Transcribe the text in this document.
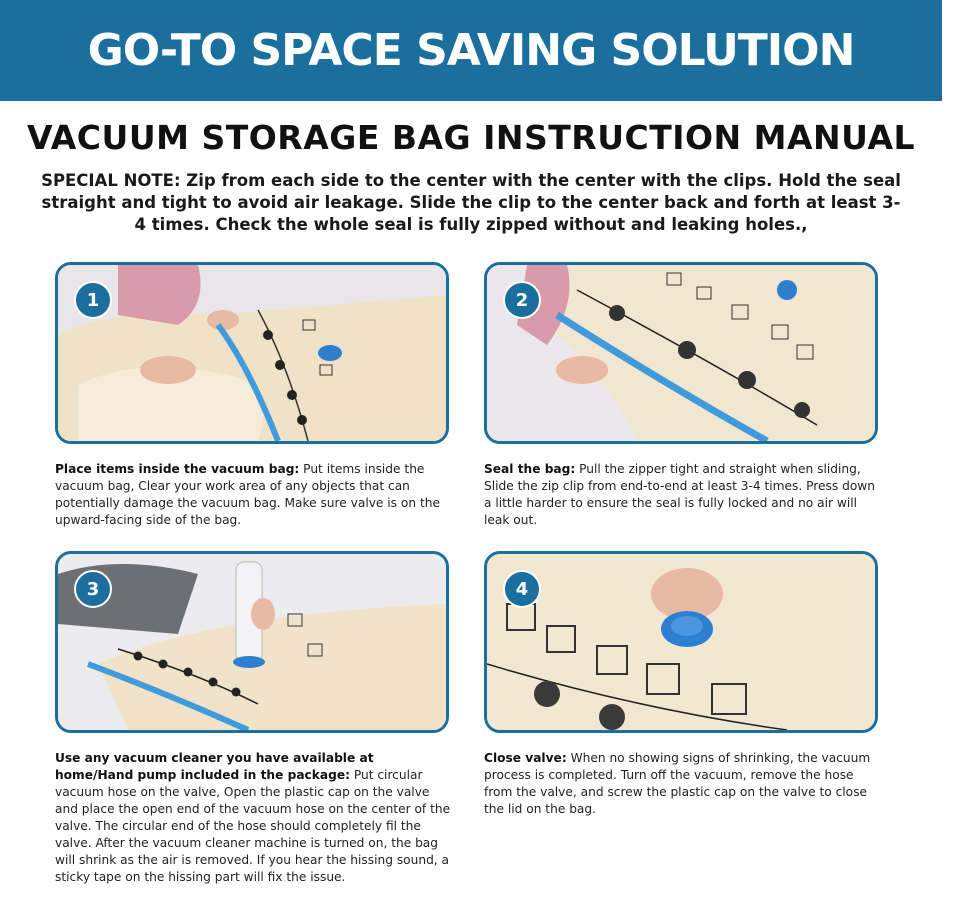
GO-TO SPACE SAVING SOLUTION
VACUUM STORAGE BAG INSTRUCTION MANUAL
SPECIAL NOTE: Zip from each side to the center with the center with the clips. Hold the seal straight and tight to avoid air leakage. Slide the clip to the center back and forth at least 3-4 times. Check the whole seal is fully zipped without and leaking holes.,
1	2
3	4
Place items inside the vacuum bag: Put items inside the vacuum bag, Clear your work area of any objects that can potentially damage the vacuum bag. Make sure valve is on the upward-facing side of the bag.
Seal the bag: Pull the zipper tight and straight when sliding, Slide the zip clip from end-to-end at least 3-4 times. Press down a little harder to ensure the seal is fully locked and no air will leak out.
Use any vacuum cleaner you have available at home/Hand pump included in the package: Put circular vacuum hose on the valve, Open the plastic cap on the valve and place the open end of the vacuum hose on the center of the valve. The circular end of the hose should completely fil the valve. After the vacuum cleaner machine is turned on, the bag will shrink as the air is removed. If you hear the hissing sound, a sticky tape on the hissing part will fix the issue.
Close valve: When no showing signs of shrinking, the vacuum process is completed. Turn off the vacuum, remove the hose from the valve, and screw the plastic cap on the valve to close the lid on the bag.
